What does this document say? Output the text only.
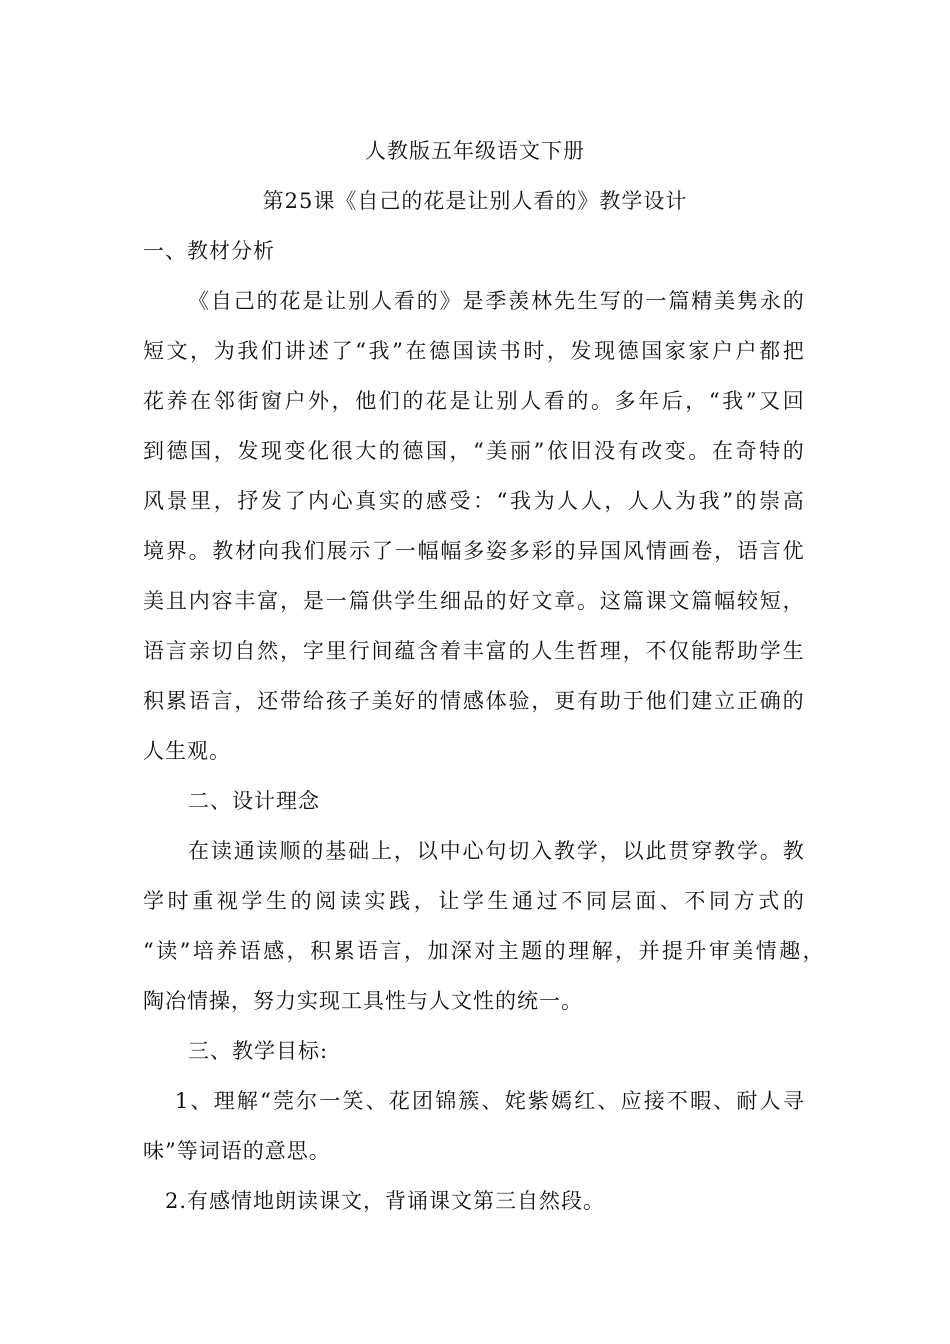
人教版五年级语文下册
第25课《自己的花是让别人看的》教学设计
一、教材分析
《 自 己 的 花 是 让 别 人 看 的 》 是 季 羡 林 先 生 写 的 一 篇 精 美 隽 永 的
短 文 ， 为 我 们 讲 述 了 “ 我 ” 在 德 国 读 书 时 ， 发 现 德 国 家 家 户 户 都 把
花 养 在 邻 街 窗 户 外 ， 他 们 的 花 是 让 别 人 看 的 。 多 年 后 ， “ 我 ” 又 回
到 德 国 ， 发 现 变 化 很 大 的 德 国 ， “ 美 丽 ” 依 旧 没 有 改 变 。 在 奇 特 的
风 景 里 ， 抒 发 了 内 心 真 实 的 感 受 ： “ 我 为 人 人 ， 人 人 为 我 ” 的 崇 高
境 界 。 教 材 向 我 们 展 示 了 一 幅 幅 多 姿 多 彩 的 异 国 风 情 画 卷 ， 语 言 优
美 且 内 容 丰 富 ， 是 一 篇 供 学 生 细 品 的 好 文 章 。 这 篇 课 文 篇 幅 较 短 ，
语 言 亲 切 自 然 ， 字 里 行 间 蕴 含 着 丰 富 的 人 生 哲 理 ， 不 仅 能 帮 助 学 生
积 累 语 言 ， 还 带 给 孩 子 美 好 的 情 感 体 验 ， 更 有 助 于 他 们 建 立 正 确 的
人生观。
二、设计理念
在 读 通 读 顺 的 基 础 上 ， 以 中 心 句 切 入 教 学 ， 以 此 贯 穿 教 学 。 教
学 时 重 视 学 生 的 阅 读 实 践 ， 让 学 生 通 过 不 同 层 面 、 不 同 方 式 的
“ 读 ” 培 养 语 感 ， 积 累 语 言 ， 加 深 对 主 题 的 理 解 ， 并 提 升 审 美 情 趣 ，
陶冶情操，努力实现工具性与人文性的统一。
三、教学目标:
1 、 理 解 “ 莞 尔 一 笑 、 花 团 锦 簇 、 姹 紫 嫣 红 、 应 接 不 暇 、 耐 人 寻
味”等词语的意思。
2.有感情地朗读课文，背诵课文第三自然段。
